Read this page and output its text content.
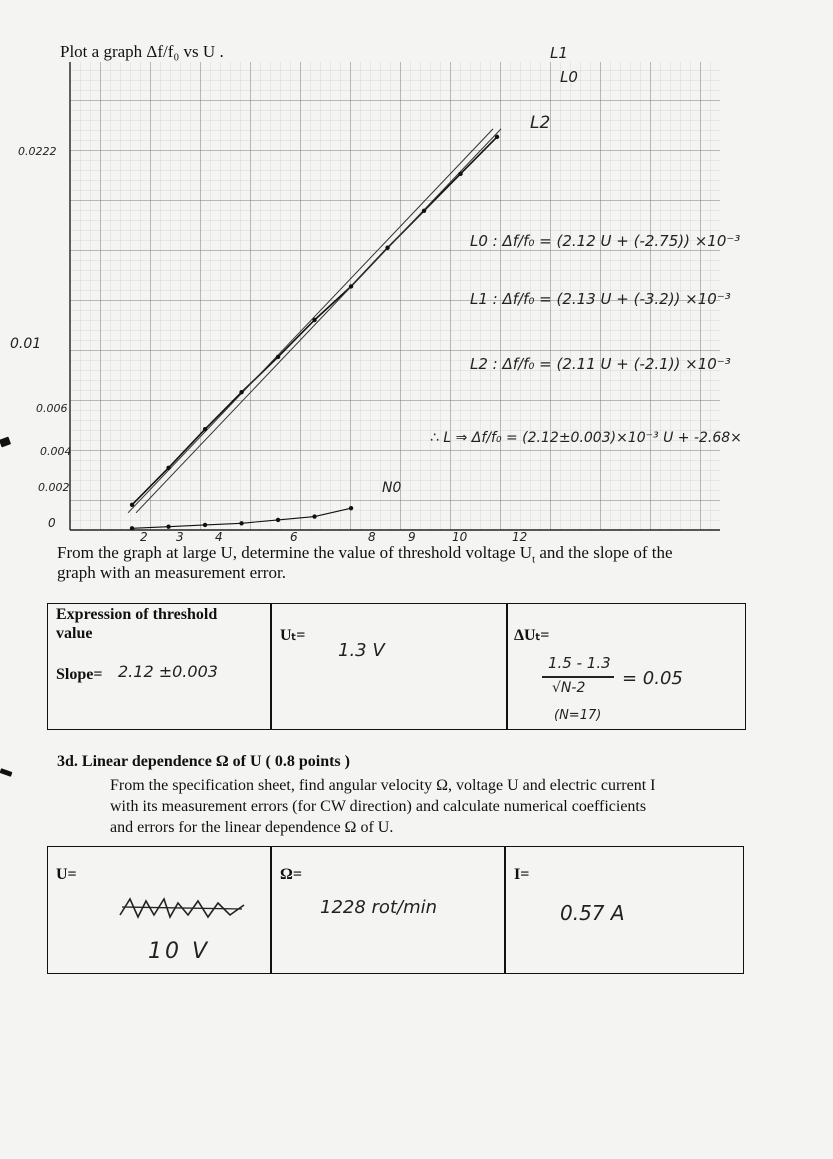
Plot a graph Δf/f₀ vs U .
0.0222
0.01
0.006
0.004
0.002
0
2 3	4	6	8	9	10	12
L1
L0
L2
N0
L0 : Δf/f₀ = (2.12 U + (-2.75)) ×10⁻³
L1 : Δf/f₀ = (2.13 U + (-3.2)) ×10⁻³
L2 : Δf/f₀ = (2.11 U + (-2.1)) ×10⁻³
∴ L ⇒ Δf/f₀ = (2.12±0.003)×10⁻³ U + -2.68×
From the graph at large U, determine the value of threshold voltage $U_t$ and the slope of the
graph with an measurement error.
Expression of threshold value
Slope= 2.12 ±0.003
Uₜ=
1.3 V
ΔUₜ=
1.5 - 1.3
√N-2 = 0.05
(N=17)
3d. Linear dependence Ω of U ( 0.8 points )
From the specification sheet, find angular velocity Ω, voltage U and electric current I
with its measurement errors (for CW direction) and calculate numerical coefficients
and errors for the linear dependence Ω of U.
U=
10 V
Ω=
1228 rot/min
I=
0.57 A
